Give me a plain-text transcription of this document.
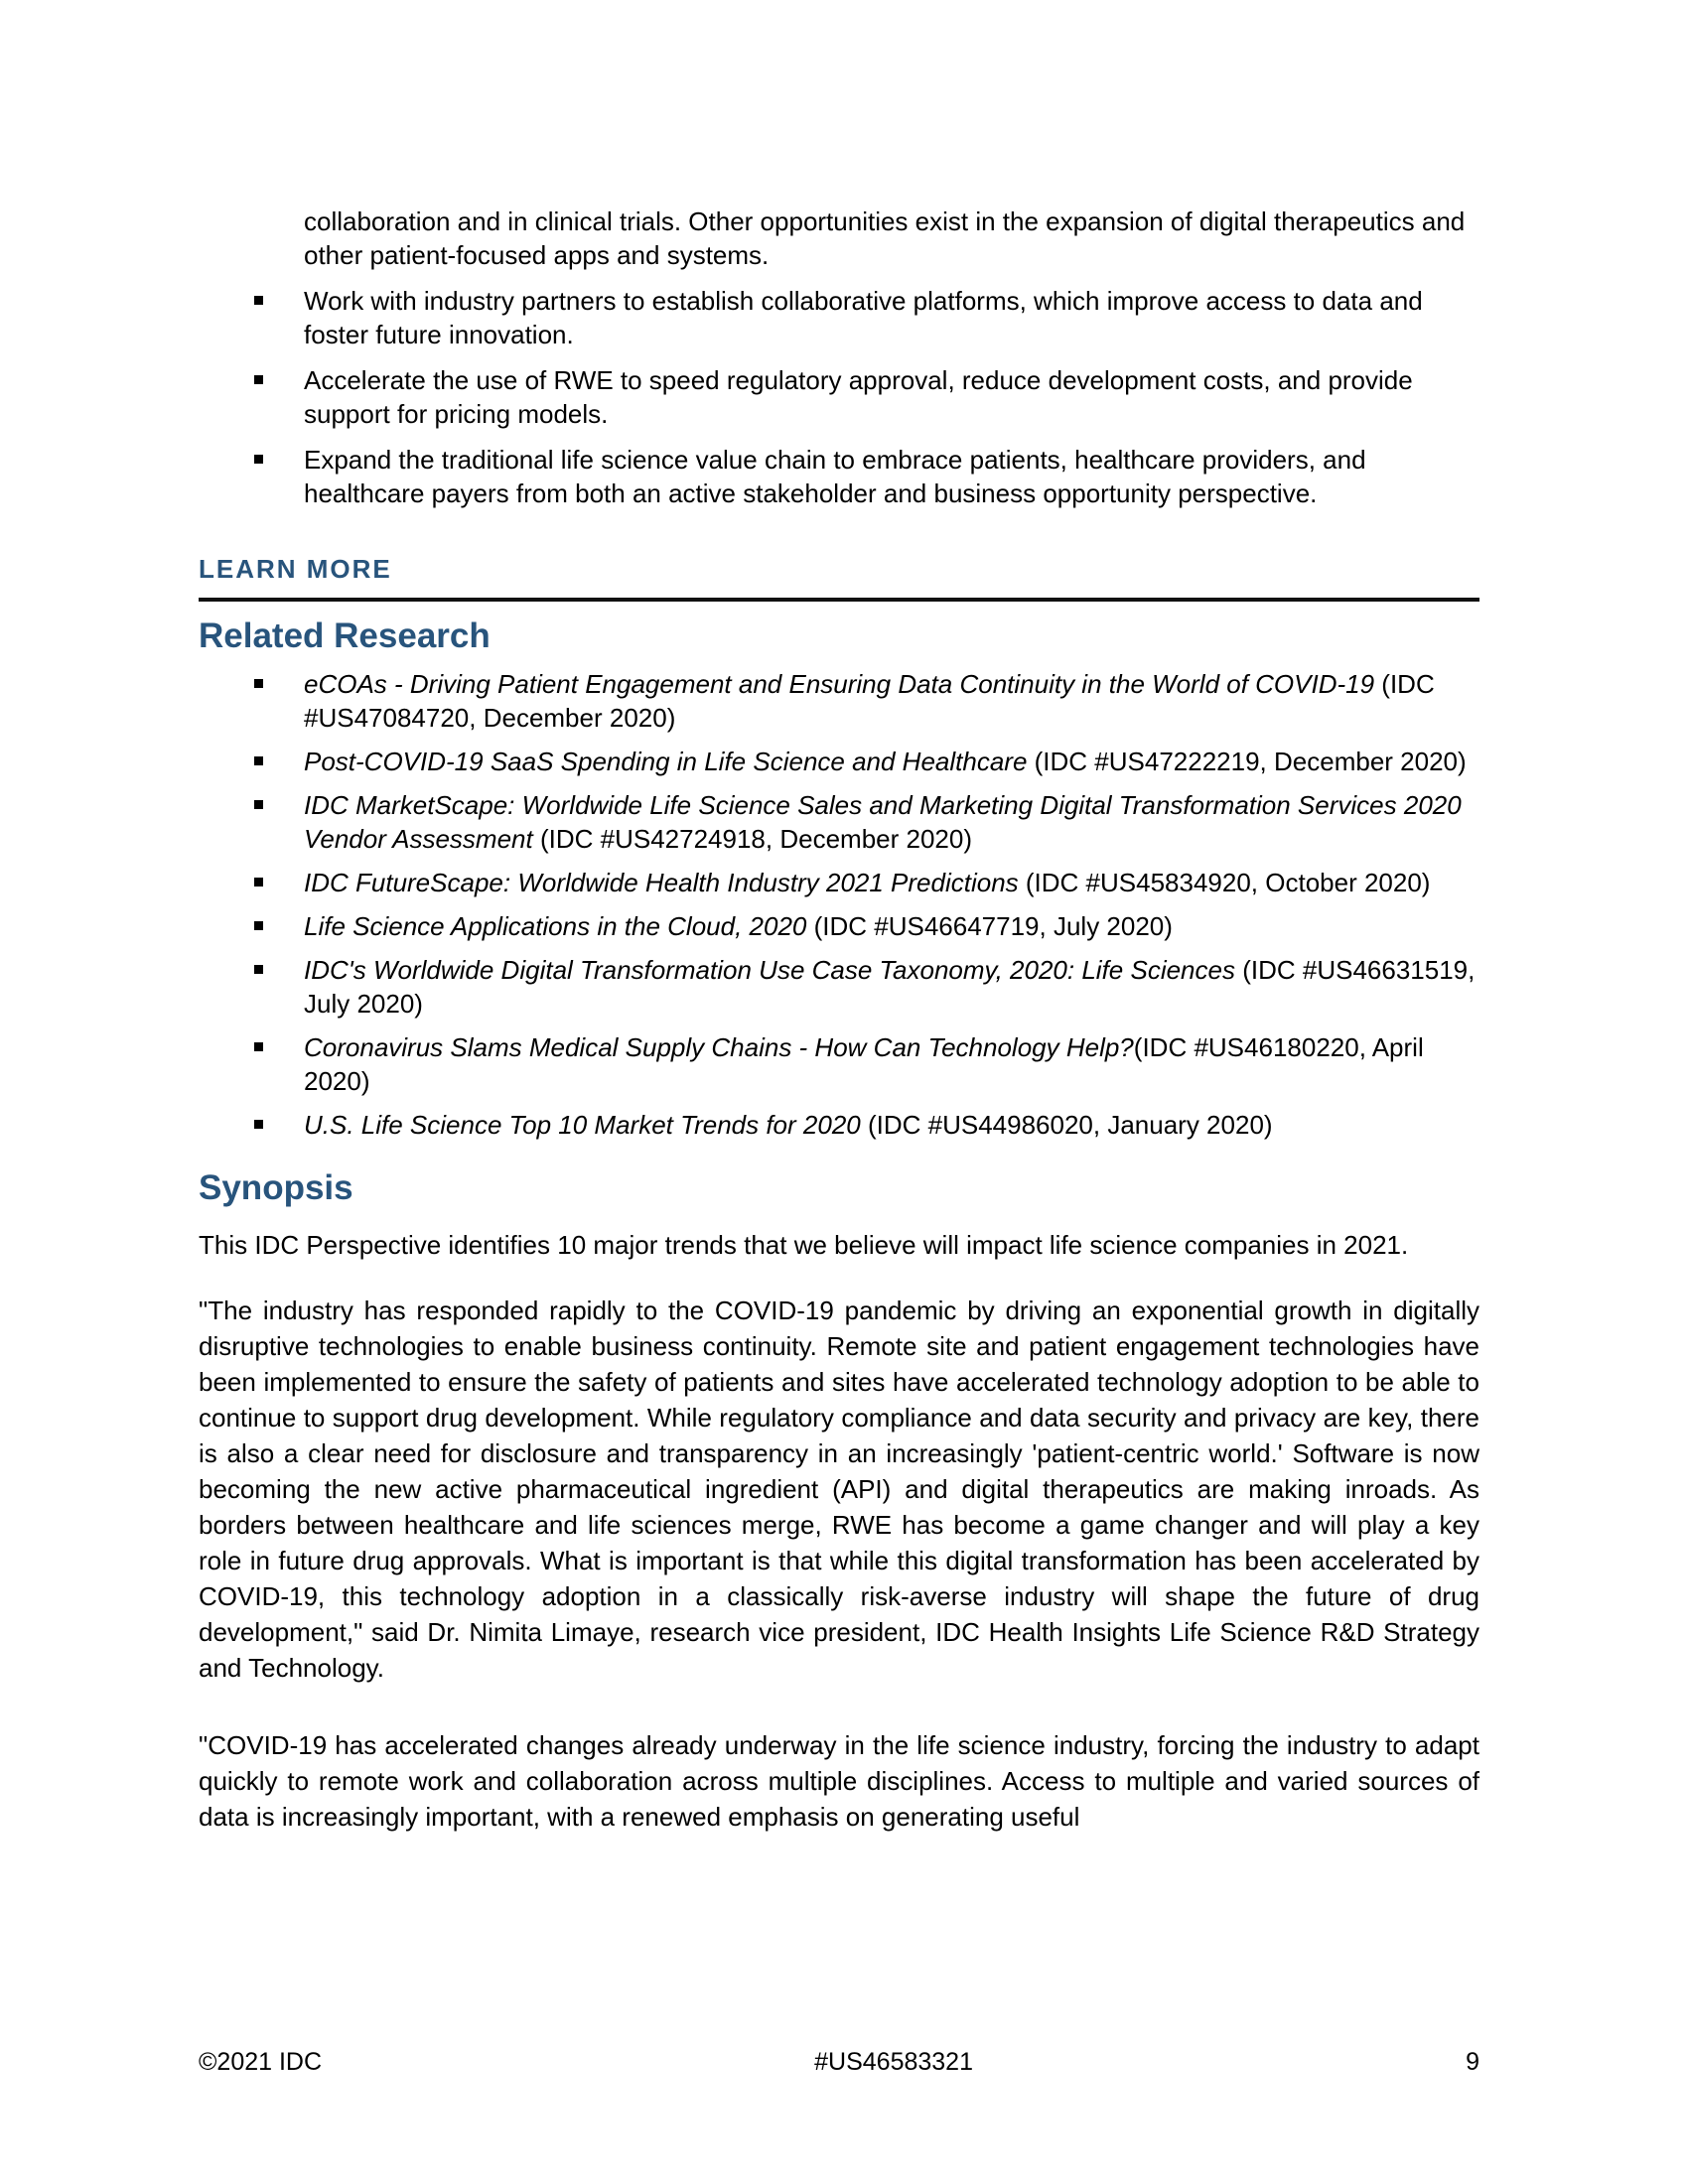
collaboration and in clinical trials. Other opportunities exist in the expansion of digital therapeutics and other patient-focused apps and systems.

Work with industry partners to establish collaborative platforms, which improve access to data and foster future innovation.
Accelerate the use of RWE to speed regulatory approval, reduce development costs, and provide support for pricing models.
Expand the traditional life science value chain to embrace patients, healthcare providers, and healthcare payers from both an active stakeholder and business opportunity perspective.
LEARN MORE
Related Research
eCOAs - Driving Patient Engagement and Ensuring Data Continuity in the World of COVID-19 (IDC #US47084720, December 2020)
Post-COVID-19 SaaS Spending in Life Science and Healthcare (IDC #US47222219, December 2020)
IDC MarketScape: Worldwide Life Science Sales and Marketing Digital Transformation Services 2020 Vendor Assessment (IDC #US42724918, December 2020)
IDC FutureScape: Worldwide Health Industry 2021 Predictions (IDC #US45834920, October 2020)
Life Science Applications in the Cloud, 2020 (IDC #US46647719, July 2020)
IDC's Worldwide Digital Transformation Use Case Taxonomy, 2020: Life Sciences (IDC #US46631519, July 2020)
Coronavirus Slams Medical Supply Chains - How Can Technology Help?(IDC #US46180220, April 2020)
U.S. Life Science Top 10 Market Trends for 2020 (IDC #US44986020, January 2020)
Synopsis

This IDC Perspective identifies 10 major trends that we believe will impact life science companies in 2021.

"The industry has responded rapidly to the COVID-19 pandemic by driving an exponential growth in digitally disruptive technologies to enable business continuity. Remote site and patient engagement technologies have been implemented to ensure the safety of patients and sites have accelerated technology adoption to be able to continue to support drug development. While regulatory compliance and data security and privacy are key, there is also a clear need for disclosure and transparency in an increasingly 'patient-centric world.' Software is now becoming the new active pharmaceutical ingredient (API) and digital therapeutics are making inroads. As borders between healthcare and life sciences merge, RWE has become a game changer and will play a key role in future drug approvals. What is important is that while this digital transformation has been accelerated by COVID-19, this technology adoption in a classically risk-averse industry will shape the future of drug development," said Dr. Nimita Limaye, research vice president, IDC Health Insights Life Science R&D Strategy and Technology.

"COVID-19 has accelerated changes already underway in the life science industry, forcing the industry to adapt quickly to remote work and collaboration across multiple disciplines. Access to multiple and varied sources of data is increasingly important, with a renewed emphasis on generating useful

©2021 IDC	#US46583321	9
